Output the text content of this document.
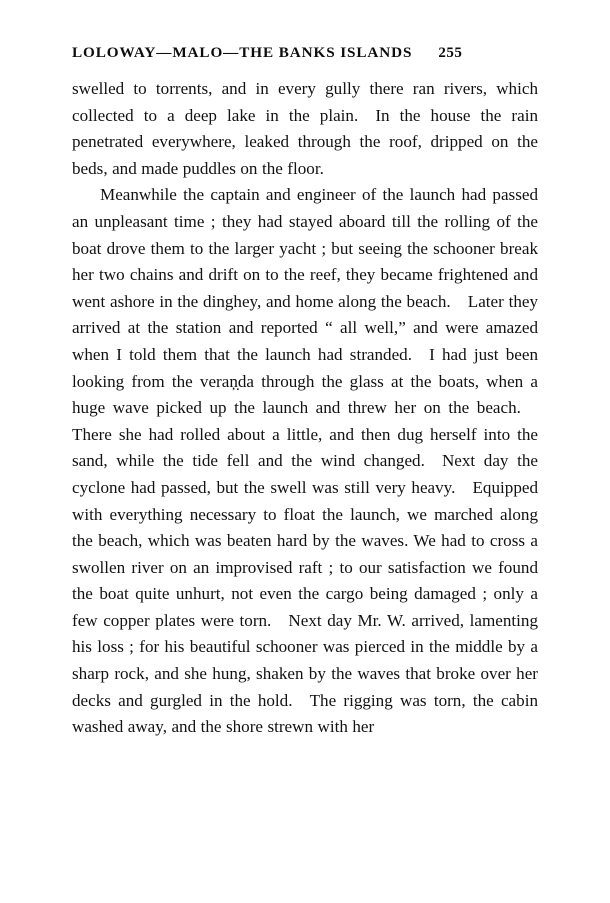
LOLOWAY—MALO—THE BANKS ISLANDS 255

swelled to torrents, and in every gully there ran rivers, which collected to a deep lake in the plain. In the house the rain penetrated everywhere, leaked through the roof, dripped on the beds, and made puddles on the floor.

Meanwhile the captain and engineer of the launch had passed an unpleasant time ; they had stayed aboard till the rolling of the boat drove them to the larger yacht ; but seeing the schooner break her two chains and drift on to the reef, they became frightened and went ashore in the dinghey, and home along the beach. Later they arrived at the station and reported “ all well,” and were amazed when I told them that the launch had stranded. I had just been looking from the veraņ̣da through the glass at the boats, when a huge wave picked up the launch and threw her on the beach. There she had rolled about a little, and then dug herself into the sand, while the tide fell and the wind changed. Next day the cyclone had passed, but the swell was still very heavy. Equipped with everything necessary to float the launch, we marched along the beach, which was beaten hard by the waves. We had to cross a swollen river on an improvised raft ; to our satisfaction we found the boat quite unhurt, not even the cargo being damaged ; only a few copper plates were torn. Next day Mr. W. arrived, lamenting his loss ; for his beautiful schooner was pierced in the middle by a sharp rock, and she hung, shaken by the waves that broke over her decks and gurgled in the hold. The rigging was torn, the cabin washed away, and the shore strewn with her
